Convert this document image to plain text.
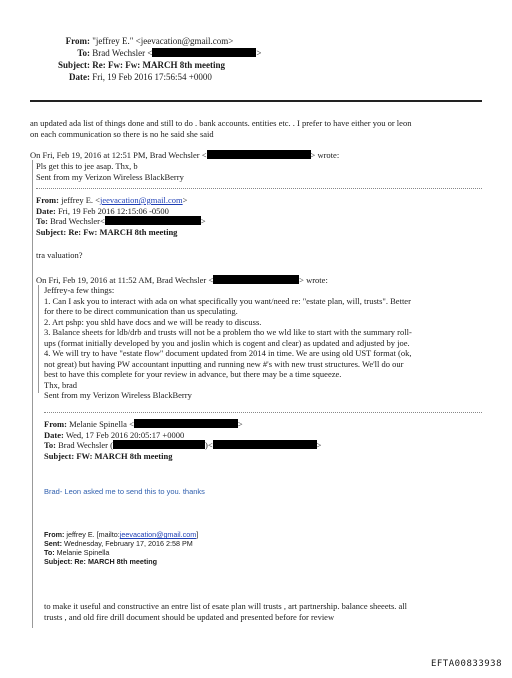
From: "jeffrey E." <jeevacation@gmail.com>
To: Brad Wechsler <	>
Subject: Re: Fw: Fw: MARCH 8th meeting
Date: Fri, 19 Feb 2016 17:56:54 +0000
an updated ada list of things done and still to do . bank accounts. entities etc. . I prefer to have either you or leon
on each communication so there is no he said she said
On Fri, Feb 19, 2016 at 12:51 PM, Brad Wechsler <	> wrote:
Pls get this to jee asap. Thx, b
Sent from my Verizon Wireless BlackBerry
From: jeffrey E. <jeevacation@gmail.com>
Date: Fri, 19 Feb 2016 12:15:06 -0500
To: Brad Wechsler<	>
Subject: Re: Fw: MARCH 8th meeting
tra valuation?
On Fri, Feb 19, 2016 at 11:52 AM, Brad Wechsler <	> wrote:
Jeffrey-a few things:
1. Can I ask you to interact with ada on what specifically you want/need re: "estate plan, will, trusts". Better
for there to be direct communication than us speculating.
2. Art pshp: you shld have docs and we will be ready to discuss.
3. Balance sheets for ldb/drb and trusts will not be a problem tho we wld like to start with the summary roll-
ups (format initially developed by you and joslin which is cogent and clear) as updated and adjusted by joe.
4. We will try to have "estate flow" document updated from 2014 in time. We are using old UST format (ok,
not great) but having PW accountant inputting and running new #'s with new trust structures. We'll do our
best to have this complete for your review in advance, but there may be a time squeeze.
Thx, brad
Sent from my Verizon Wireless BlackBerry
From: Melanie Spinella <	>
Date: Wed, 17 Feb 2016 20:05:17 +0000
To: Brad Wechsler (	)<	>
Subject: FW: MARCH 8th meeting
Brad- Leon asked me to send this to you. thanks
From: jeffrey E. [mailto:jeevacation@gmail.com]
Sent: Wednesday, February 17, 2016 2:58 PM
To: Melanie Spinella
Subject: Re: MARCH 8th meeting
to make it useful and constructive an entre list of esate plan will trusts , art partnership. balance sheeets. all
trusts , and old fire drill document should be updated and presented before for review
EFTA00833938
